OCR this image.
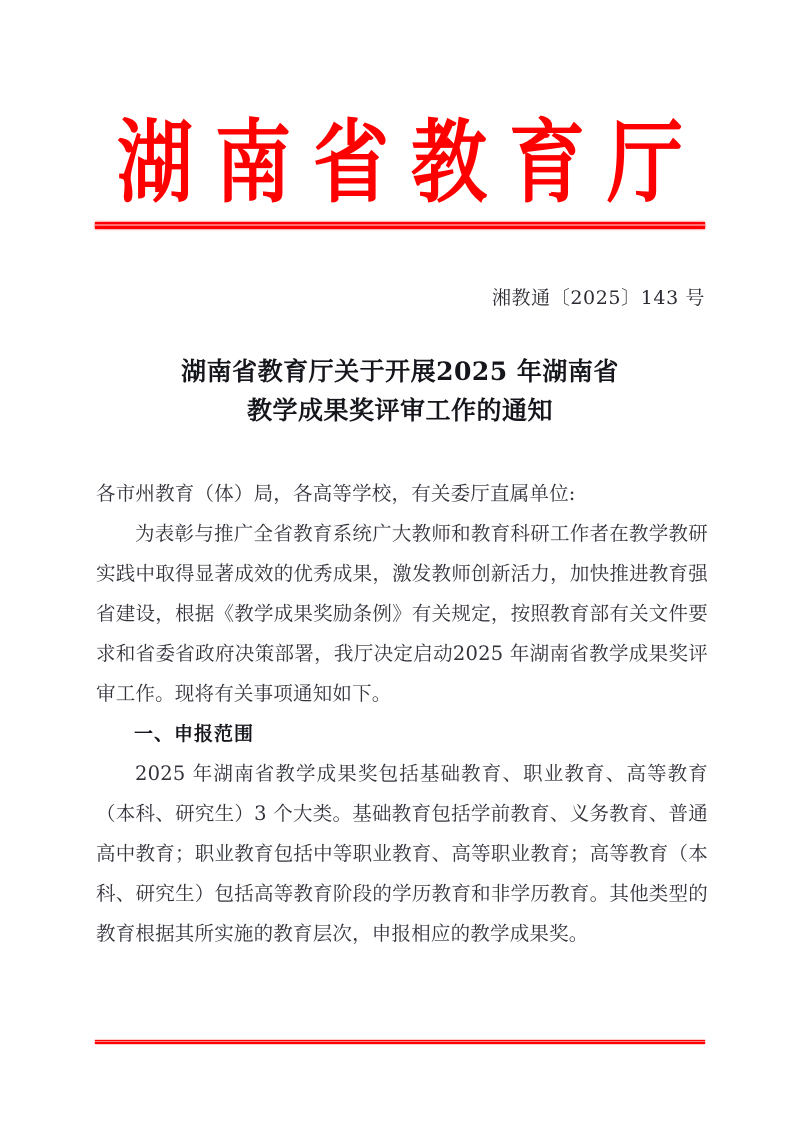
湖南省教育厅
湘教通〔2025〕143 号
湖南省教育厅关于开展2025 年湖南省
教学成果奖评审工作的通知

各市州教育（体）局，各高等学校，有关委厅直属单位:

为表彰与推广全省教育系统广大教师和教育科研工作者在教学教研实践中取得显著成效的优秀成果，激发教师创新活力，加快推进教育强省建设，根据《教学成果奖励条例》有关规定，按照教育部有关文件要求和省委省政府决策部署，我厅决定启动2025 年湖南省教学成果奖评审工作。现将有关事项通知如下。

一、申报范围

2025 年湖南省教学成果奖包括基础教育、职业教育、高等教育（本科、研究生）3 个大类。基础教育包括学前教育、义务教育、普通高中教育；职业教育包括中等职业教育、高等职业教育；高等教育（本科、研究生）包括高等教育阶段的学历教育和非学历教育。其他类型的教育根据其所实施的教育层次，申报相应的教学成果奖。
